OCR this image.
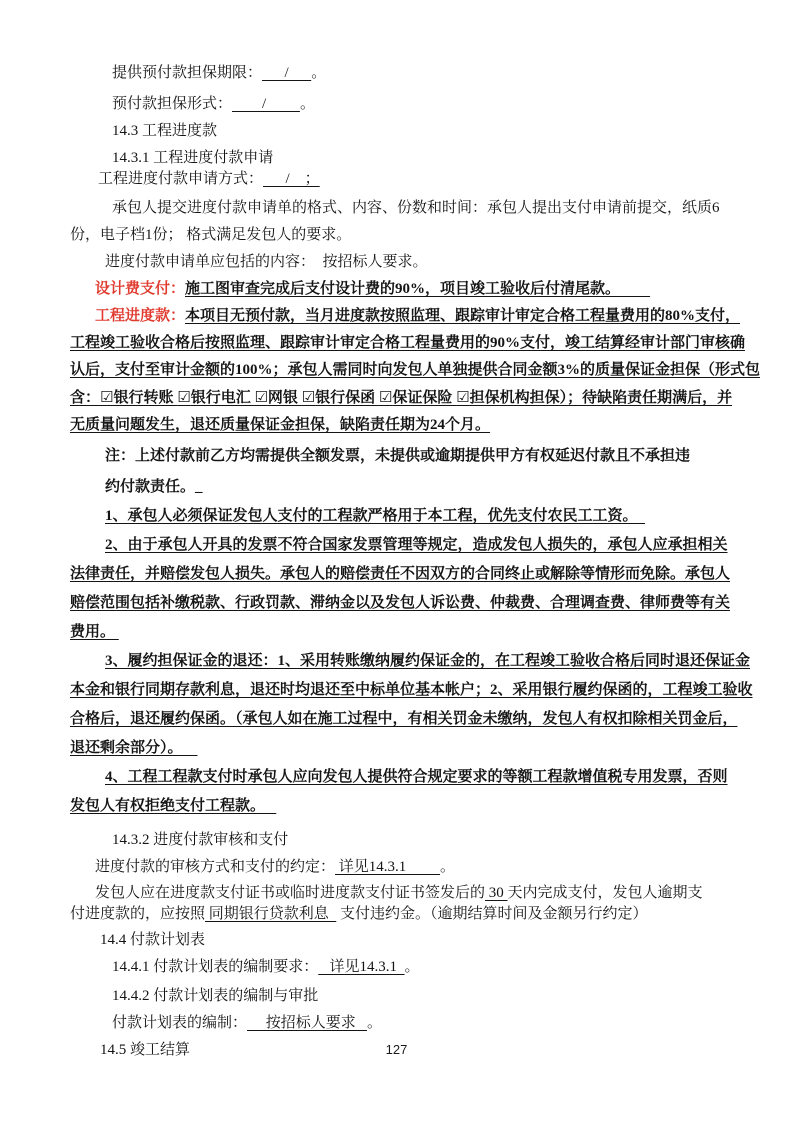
提供预付款担保期限：      /      。
预付款担保形式：        /         。
14.3 工程进度款
14.3.1 工程进度付款申请
工程进度付款申请方式：      /    ；
承包人提交进度付款申请单的格式、内容、份数和时间：承包人提出支付申请前提交，纸质6
份，电子档1份； 格式满足发包人的要求。
进度付款申请单应包括的内容：  按招标人要求。
设计费支付：施工图审查完成后支付设计费的90%，项目竣工验收后付清尾款。
工程进度款：本项目无预付款，当月进度款按照监理、跟踪审计审定合格工程量费用的80%支付，
工程竣工验收合格后按照监理、跟踪审计审定合格工程量费用的90%支付，竣工结算经审计部门审核确
认后，支付至审计金额的100%；承包人需同时向发包人单独提供合同金额3%的质量保证金担保（形式包
含：☑银行转账 ☑银行电汇 ☑网银 ☑银行保函 ☑保证保险 ☑担保机构担保）；待缺陷责任期满后，并
无质量问题发生，退还质量保证金担保，缺陷责任期为24个月。
注：上述付款前乙方均需提供全额发票，未提供或逾期提供甲方有权延迟付款且不承担违
约付款责任。_
1、承包人必须保证发包人支付的工程款严格用于本工程，优先支付农民工工资。
2、由于承包人开具的发票不符合国家发票管理等规定，造成发包人损失的，承包人应承担相关
法律责任，并赔偿发包人损失。承包人的赔偿责任不因双方的合同终止或解除等情形而免除。承包人
赔偿范围包括补缴税款、行政罚款、滞纳金以及发包人诉讼费、仲裁费、合理调查费、律师费等有关
费用。
3、履约担保证金的退还：1、采用转账缴纳履约保证金的，在工程竣工验收合格后同时退还保证金
本金和银行同期存款利息，退还时均退还至中标单位基本帐户；2、采用银行履约保函的，工程竣工验收
合格后，退还履约保函。（承包人如在施工过程中，有相关罚金未缴纳，发包人有权扣除相关罚金后，
退还剩余部分）。
4、工程工程款支付时承包人应向发包人提供符合规定要求的等额工程款增值税专用发票，否则
发包人有权拒绝支付工程款。
14.3.2 进度付款审核和支付
进度付款的审核方式和支付的约定： 详见14.3.1         。
发包人应在进度款支付证书或临时进度款支付证书签发后的 30 天内完成支付，发包人逾期支
付进度款的，应按照 同期银行贷款利息   支付违约金。（逾期结算时间及金额另行约定）
14.4 付款计划表
14.4.1 付款计划表的编制要求：   详见14.3.1  。
14.4.2 付款计划表的编制与审批
付款计划表的编制：     按招标人要求   。
14.5 竣工结算	127
